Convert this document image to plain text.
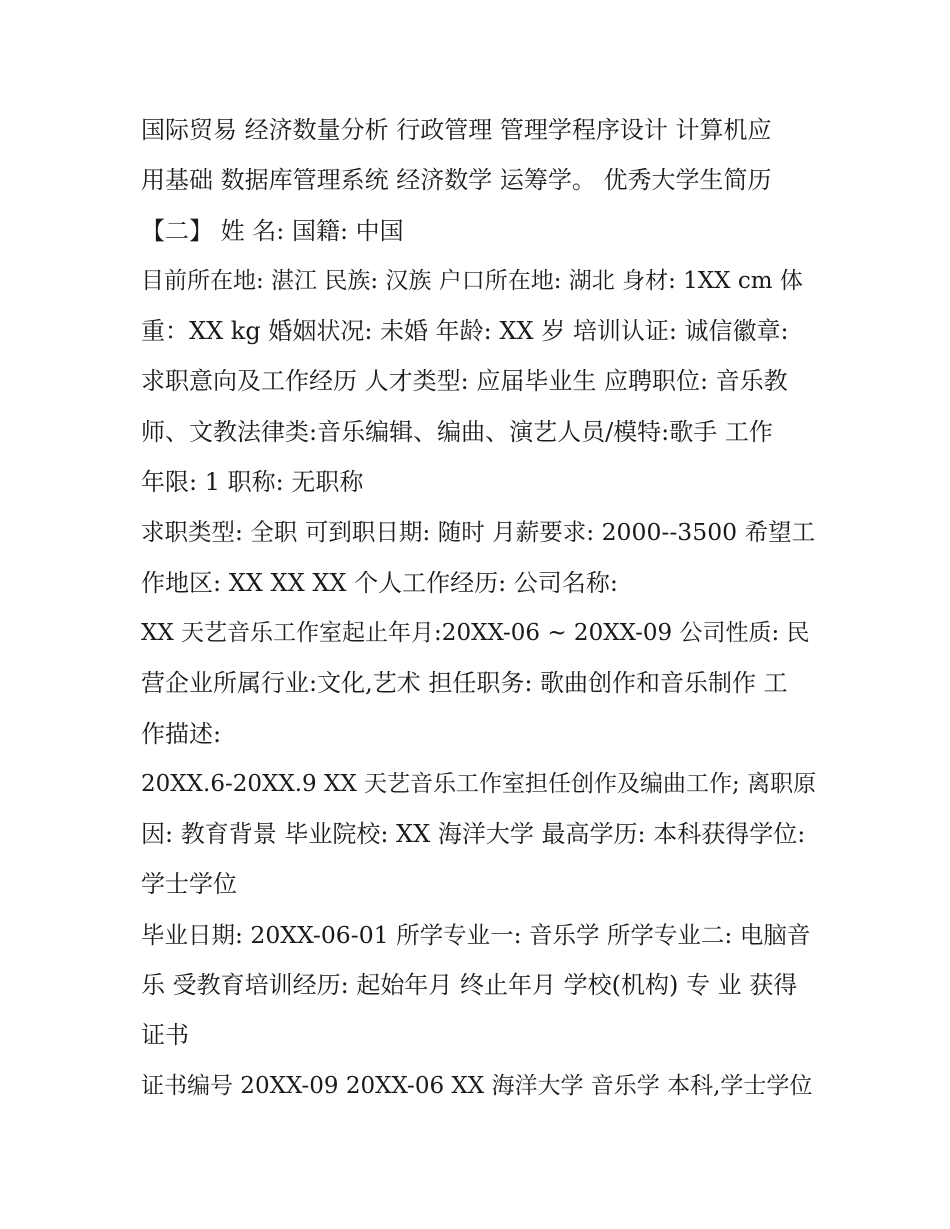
国际贸易 经济数量分析 行政管理 管理学程序设计 计算机应
用基础 数据库管理系统 经济数学 运筹学。 优秀大学生简历
【二】 姓 名: 国籍: 中国
目前所在地: 湛江 民族: 汉族 户口所在地: 湖北 身材: 1XX cm 体
重：XX kg 婚姻状况: 未婚 年龄: XX 岁 培训认证: 诚信徽章:
求职意向及工作经历 人才类型: 应届毕业生 应聘职位: 音乐教
师、文教法律类:音乐编辑、编曲、演艺人员/模特:歌手 工作
年限: 1 职称: 无职称
求职类型: 全职 可到职日期: 随时 月薪要求: 2000--3500 希望工
作地区: XX XX XX 个人工作经历: 公司名称:
XX 天艺音乐工作室起止年月:20XX-06 ~ 20XX-09 公司性质: 民
营企业所属行业:文化,艺术 担任职务: 歌曲创作和音乐制作 工
作描述:
20XX.6-20XX.9 XX 天艺音乐工作室担任创作及编曲工作; 离职原
因: 教育背景 毕业院校: XX 海洋大学 最高学历: 本科获得学位:
学士学位
毕业日期: 20XX-06-01 所学专业一: 音乐学 所学专业二: 电脑音
乐 受教育培训经历: 起始年月 终止年月 学校(机构) 专 业 获得
证书
证书编号 20XX-09 20XX-06 XX 海洋大学 音乐学 本科,学士学位
